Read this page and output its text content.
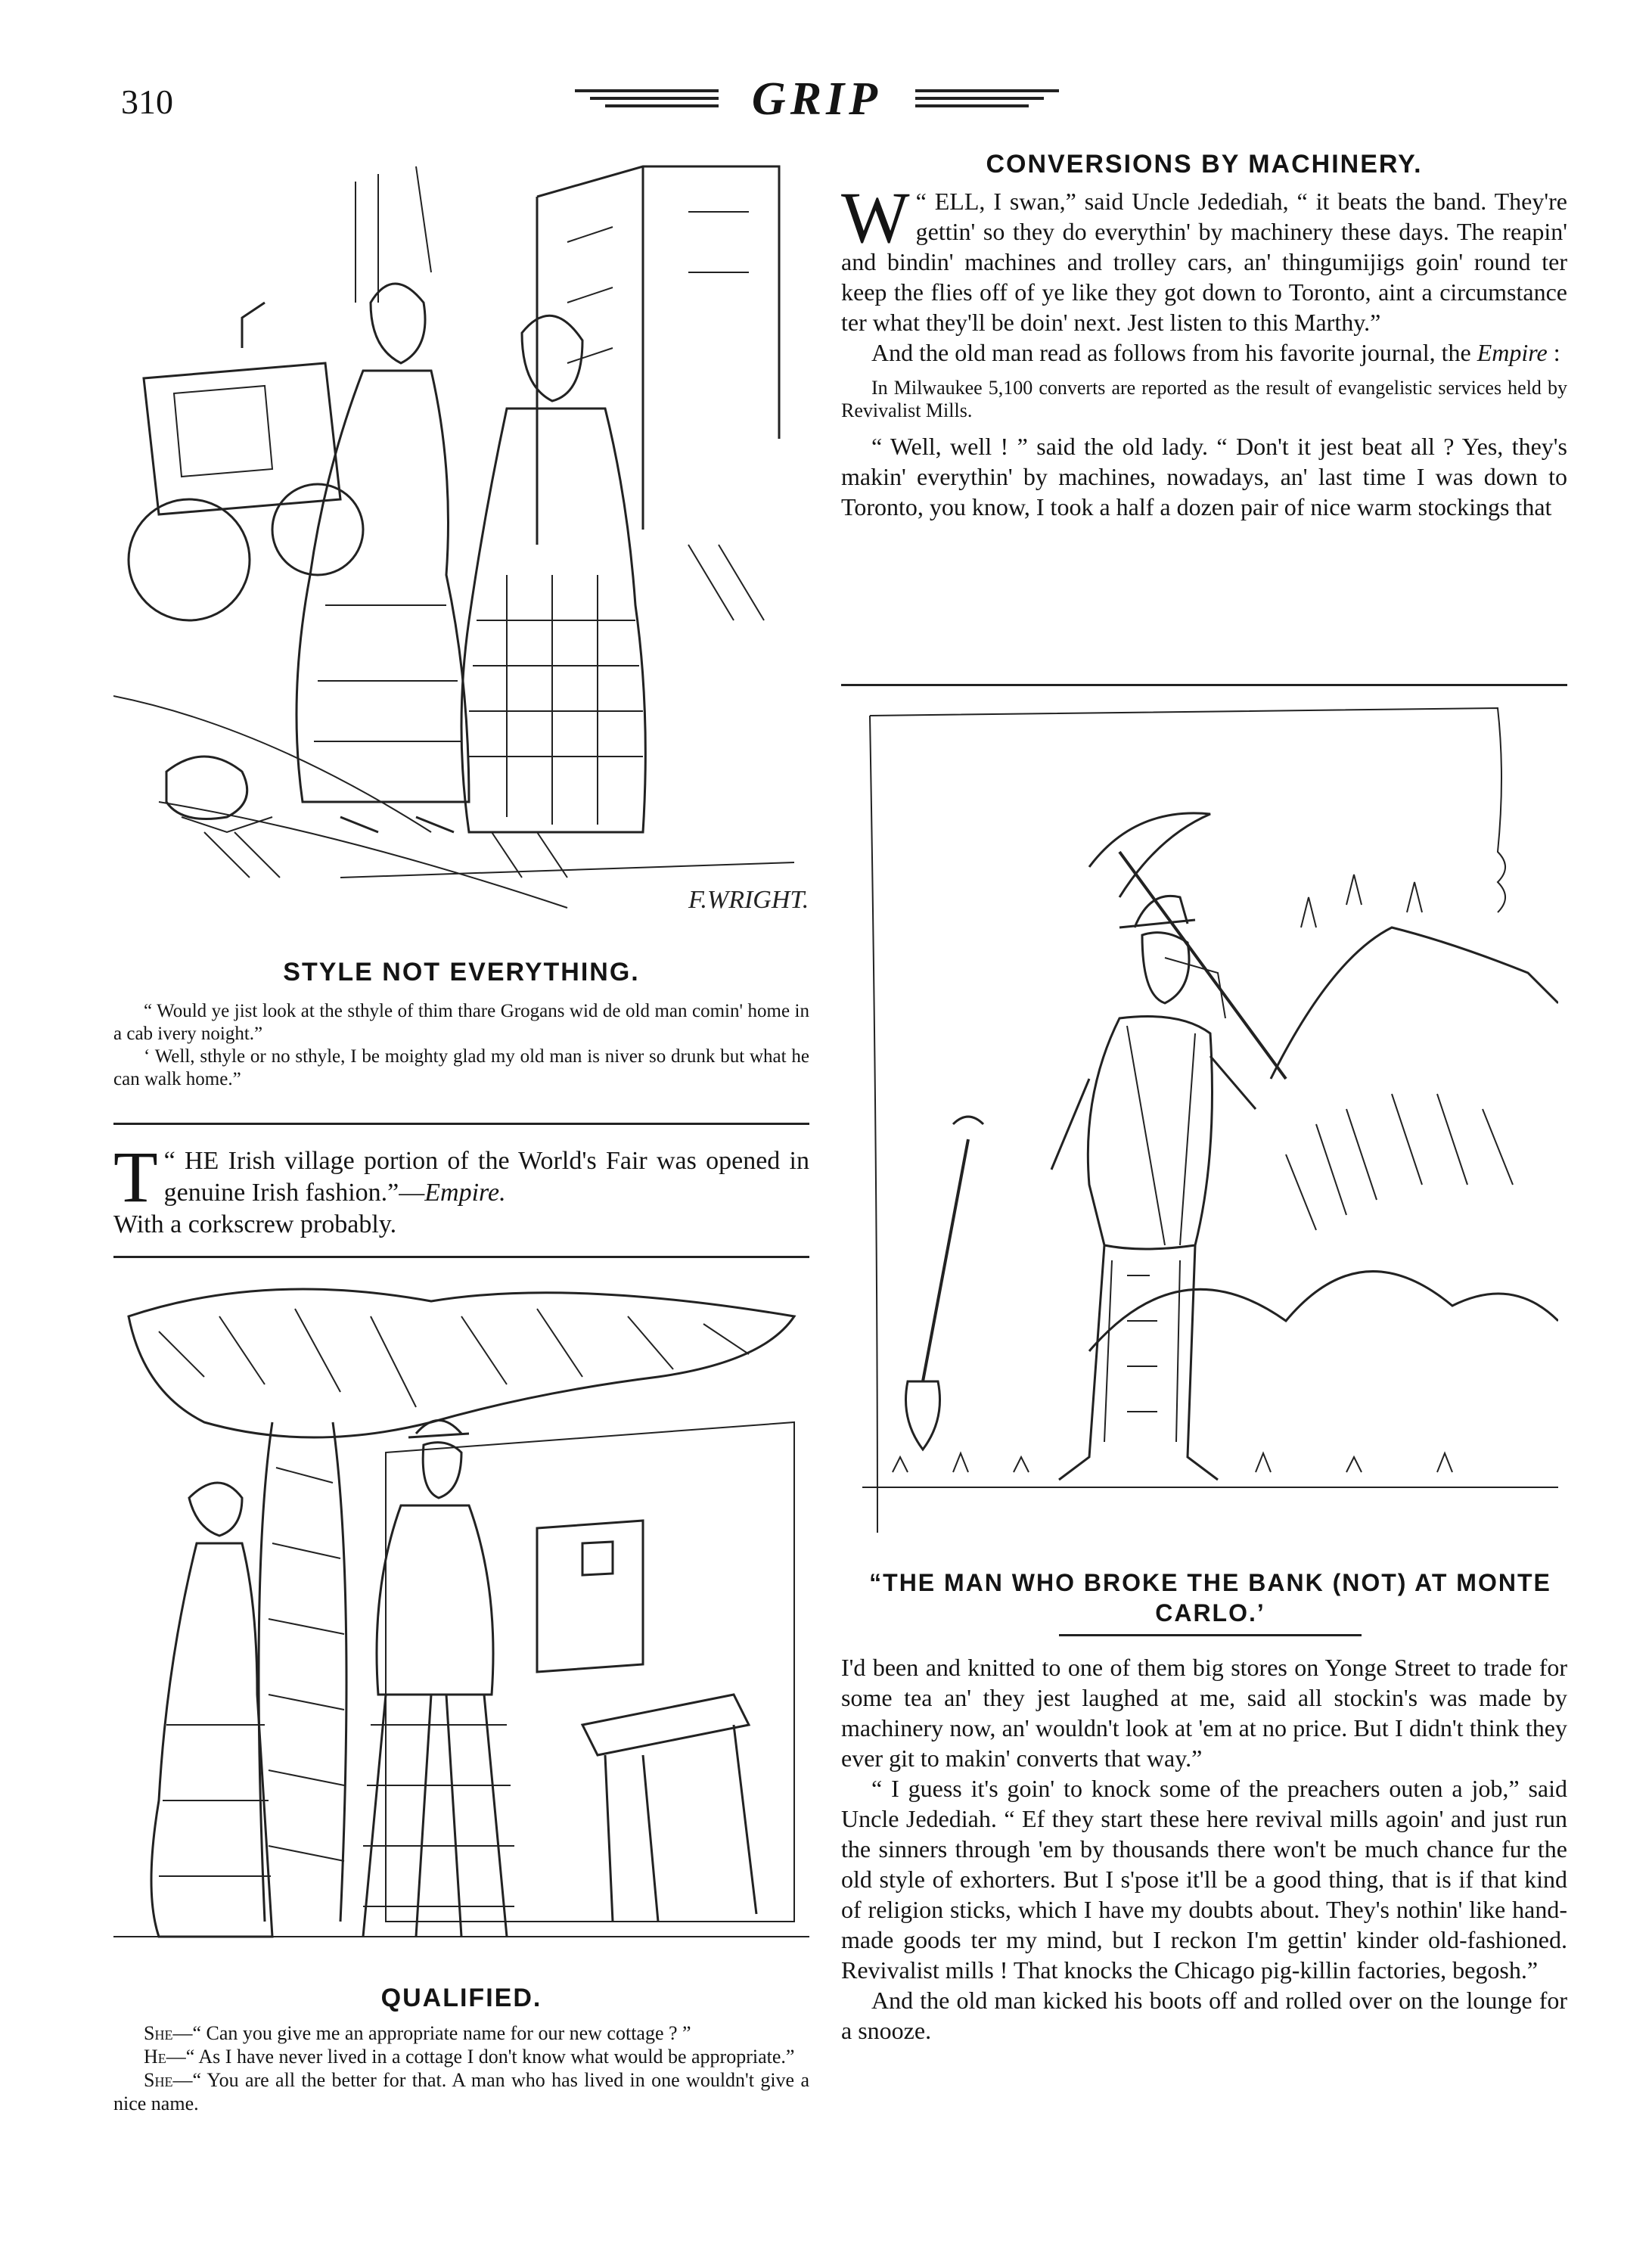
310	GRIP
F.WRIGHT.
STYLE NOT EVERYTHING.

“ Would ye jist look at the sthyle of thim thare Grogans wid de old man comin' home in a cab ivery noight.”

‘ Well, sthyle or no sthyle, I be moighty glad my old man is niver so drunk but what he can walk home.”

“
T HE Irish village portion of the World's Fair was opened in genuine Irish fashion.”—Empire.

With a corkscrew probably.

QUALIFIED.

She—“ Can you give me an appropriate name for our new cottage ? ”

He—“ As I have never lived in a cottage I don't know what would be appropriate.”

She—“ You are all the better for that. A man who has lived in one wouldn't give a nice name.

CONVERSIONS BY MACHINERY.

“
W ELL, I swan,” said Uncle Jedediah, “ it beats the band. They're gettin' so they do everythin' by machinery these days. The reapin' and bindin' machines and trolley cars, an' thingumijigs goin' round ter keep the flies off of ye like they got down to Toronto, aint a circumstance ter what they'll be doin' next. Jest listen to this Marthy.”

And the old man read as follows from his favorite journal, the Empire :

In Milwaukee 5,100 converts are reported as the result of evangelistic services held by Revivalist Mills.

“ Well, well ! ” said the old lady. “ Don't it jest beat all ? Yes, they's makin' everythin' by machines, nowadays, an' last time I was down to Toronto, you know, I took a half a dozen pair of nice warm stockings that

“THE MAN WHO BROKE THE BANK (NOT) AT MONTE CARLO.’

I'd been and knitted to one of them big stores on Yonge Street to trade for some tea an' they jest laughed at me, said all stockin's was made by machinery now, an' wouldn't look at 'em at no price. But I didn't think they ever git to makin' converts that way.”

“ I guess it's goin' to knock some of the preachers outen a job,” said Uncle Jedediah. “ Ef they start these here revival mills agoin' and just run the sinners through 'em by thousands there won't be much chance fur the old style of exhorters. But I s'pose it'll be a good thing, that is if that kind of religion sticks, which I have my doubts about. They's nothin' like hand-made goods ter my mind, but I reckon I'm gettin' kinder old-fashioned. Revivalist mills ! That knocks the Chicago pig-killin factories, begosh.”

And the old man kicked his boots off and rolled over on the lounge for a snooze.
